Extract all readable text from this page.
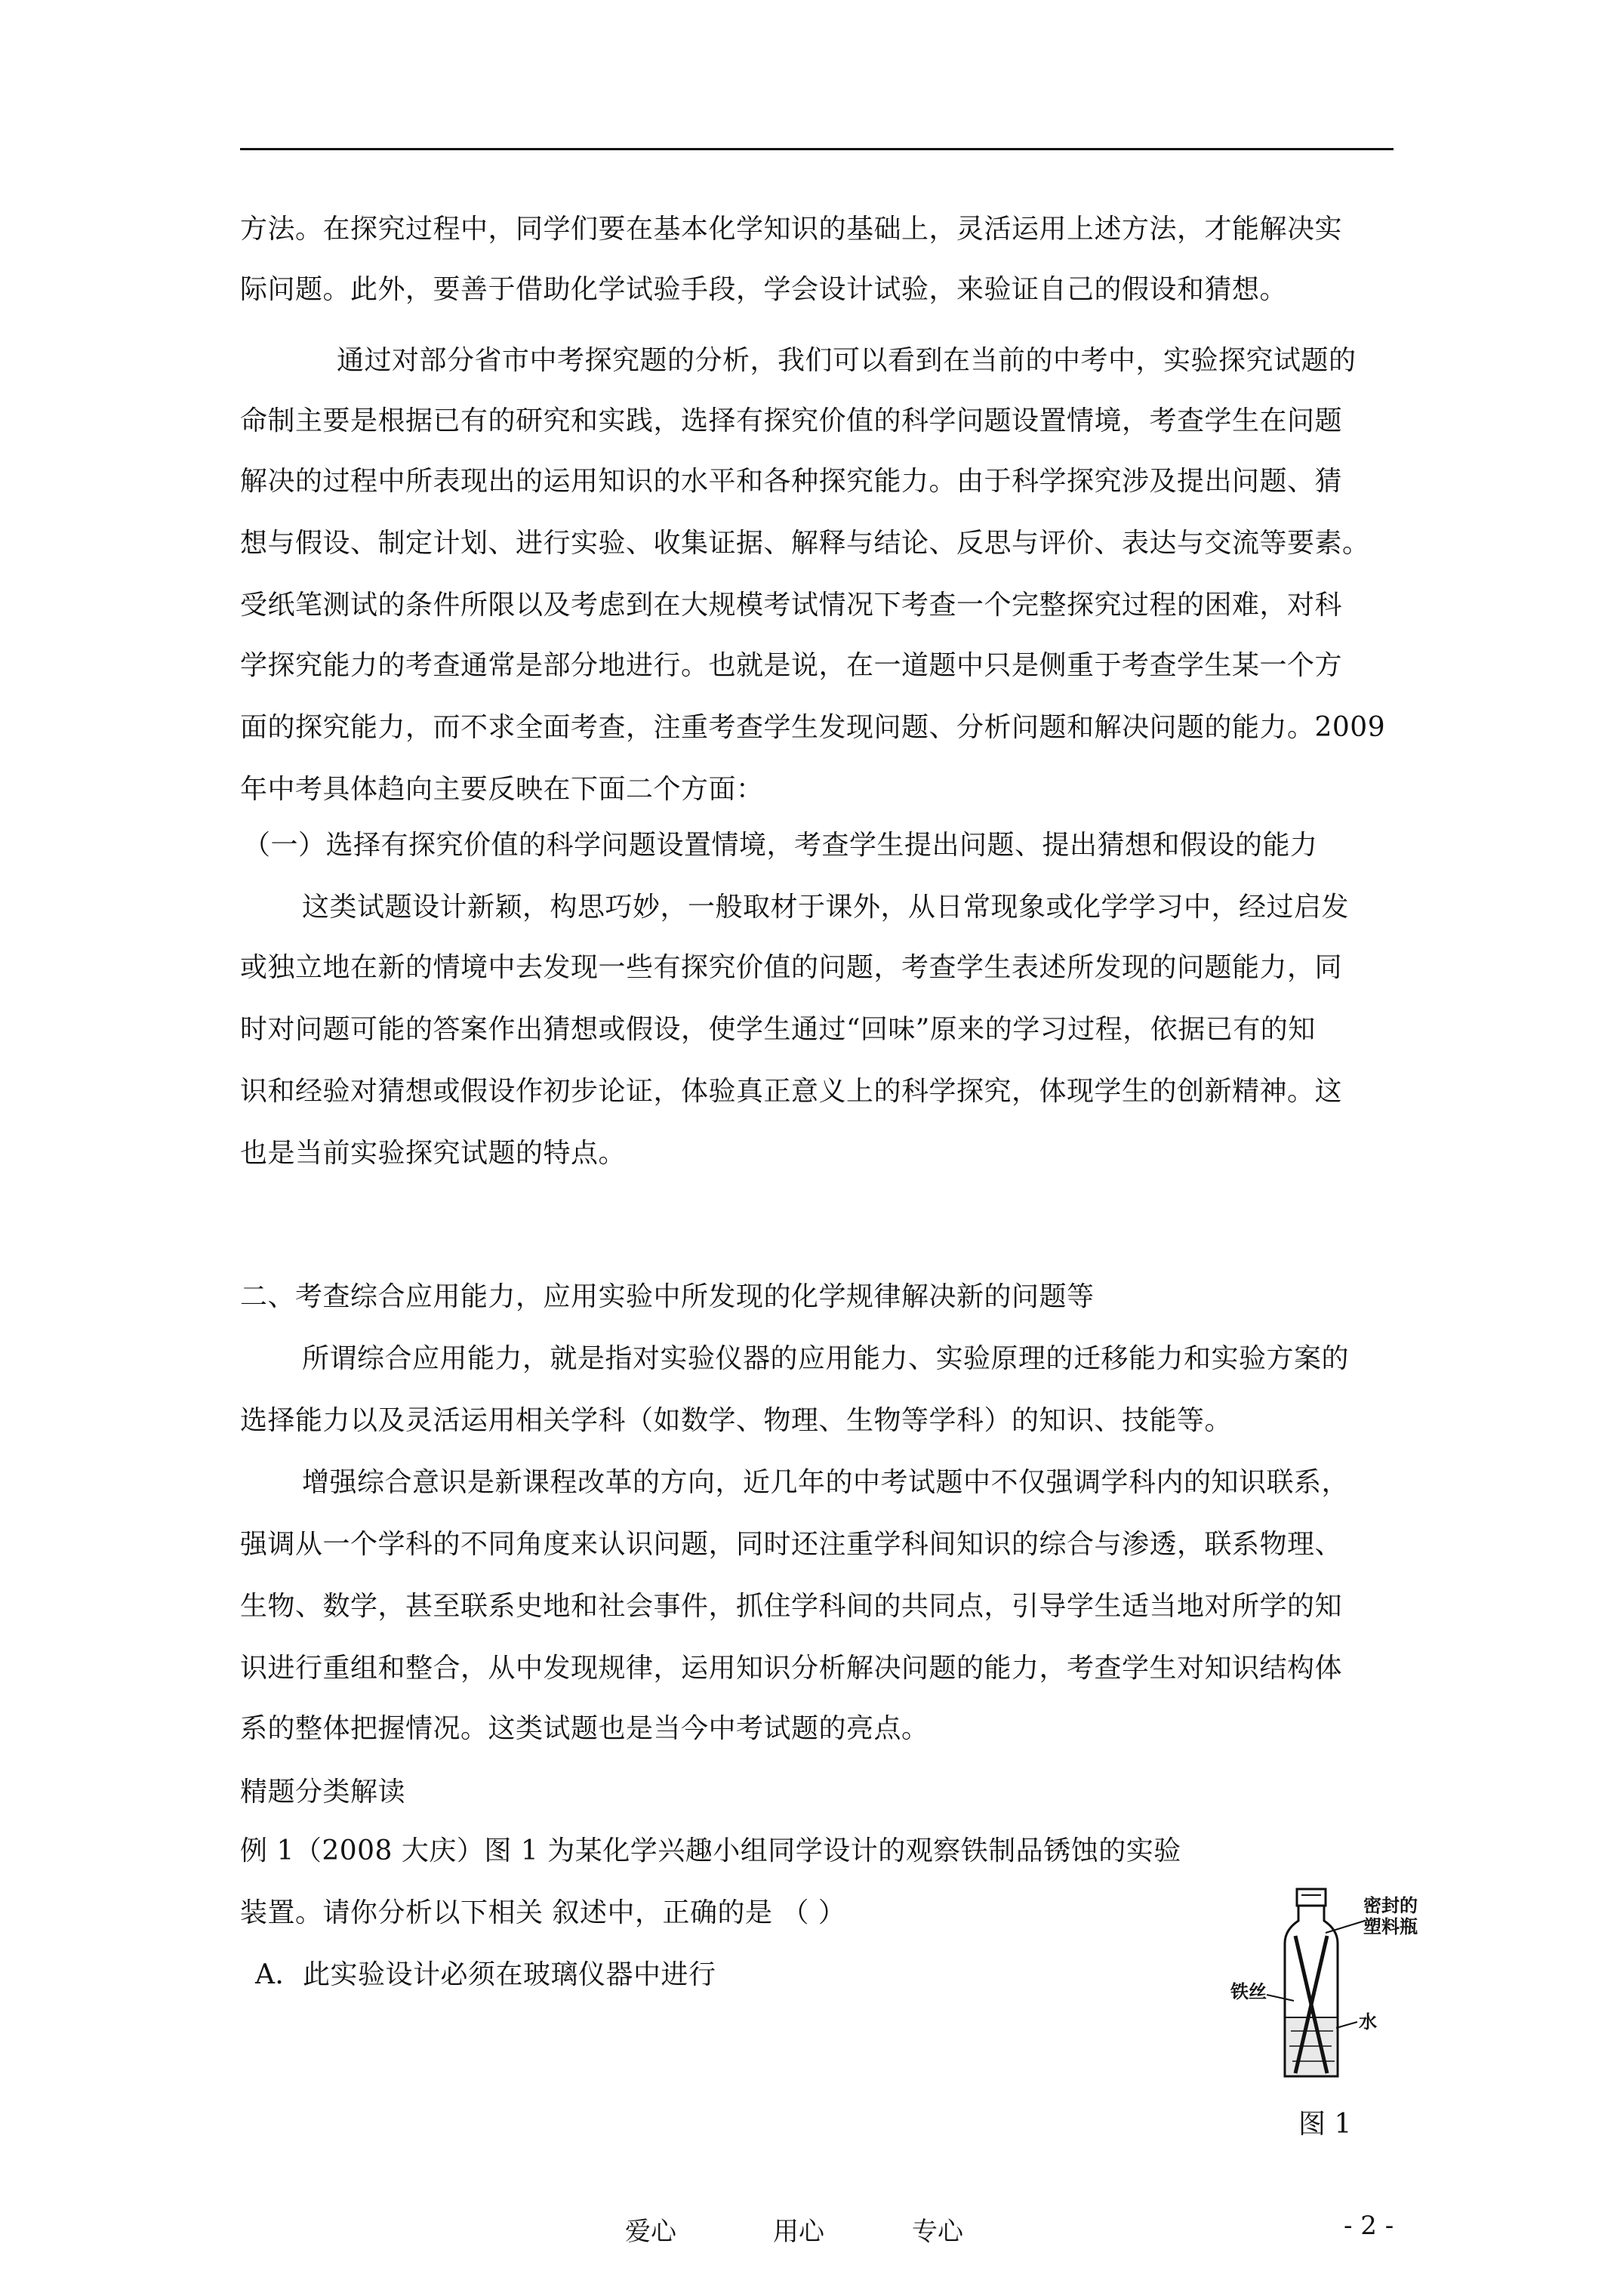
方法。在探究过程中，同学们要在基本化学知识的基础上，灵活运用上述方法，才能解决实
际问题。此外，要善于借助化学试验手段，学会设计试验，来验证自己的假设和猜想。
通过对部分省市中考探究题的分析，我们可以看到在当前的中考中，实验探究试题的
命制主要是根据已有的研究和实践，选择有探究价值的科学问题设置情境，考查学生在问题
解决的过程中所表现出的运用知识的水平和各种探究能力。由于科学探究涉及提出问题、猜
想与假设、制定计划、进行实验、收集证据、解释与结论、反思与评价、表达与交流等要素。
受纸笔测试的条件所限以及考虑到在大规模考试情况下考查一个完整探究过程的困难，对科
学探究能力的考查通常是部分地进行。也就是说，在一道题中只是侧重于考查学生某一个方
面的探究能力，而不求全面考查，注重考查学生发现问题、分析问题和解决问题的能力。2009
年中考具体趋向主要反映在下面二个方面：
（一）选择有探究价值的科学问题设置情境，考查学生提出问题、提出猜想和假设的能力
这类试题设计新颖，构思巧妙，一般取材于课外，从日常现象或化学学习中，经过启发
或独立地在新的情境中去发现一些有探究价值的问题，考查学生表述所发现的问题能力，同
时对问题可能的答案作出猜想或假设，使学生通过“回味”原来的学习过程，依据已有的知
识和经验对猜想或假设作初步论证，体验真正意义上的科学探究，体现学生的创新精神。这
也是当前实验探究试题的特点。
二、考查综合应用能力，应用实验中所发现的化学规律解决新的问题等
所谓综合应用能力，就是指对实验仪器的应用能力、实验原理的迁移能力和实验方案的
选择能力以及灵活运用相关学科（如数学、物理、生物等学科）的知识、技能等。
增强综合意识是新课程改革的方向，近几年的中考试题中不仅强调学科内的知识联系，
强调从一个学科的不同角度来认识问题，同时还注重学科间知识的综合与渗透，联系物理、
生物、数学，甚至联系史地和社会事件，抓住学科间的共同点，引导学生适当地对所学的知
识进行重组和整合，从中发现规律，运用知识分析解决问题的能力，考查学生对知识结构体
系的整体把握情况。这类试题也是当今中考试题的亮点。
精题分类解读
例 1（2008 大庆）图 1 为某化学兴趣小组同学设计的观察铁制品锈蚀的实验
装置。请你分析以下相关 叙述中，正确的是 （ ）
A．此实验设计必须在玻璃仪器中进行
密封的
塑料瓶
铁丝
水
图 1
爱心	用心	专心	- 2 -
